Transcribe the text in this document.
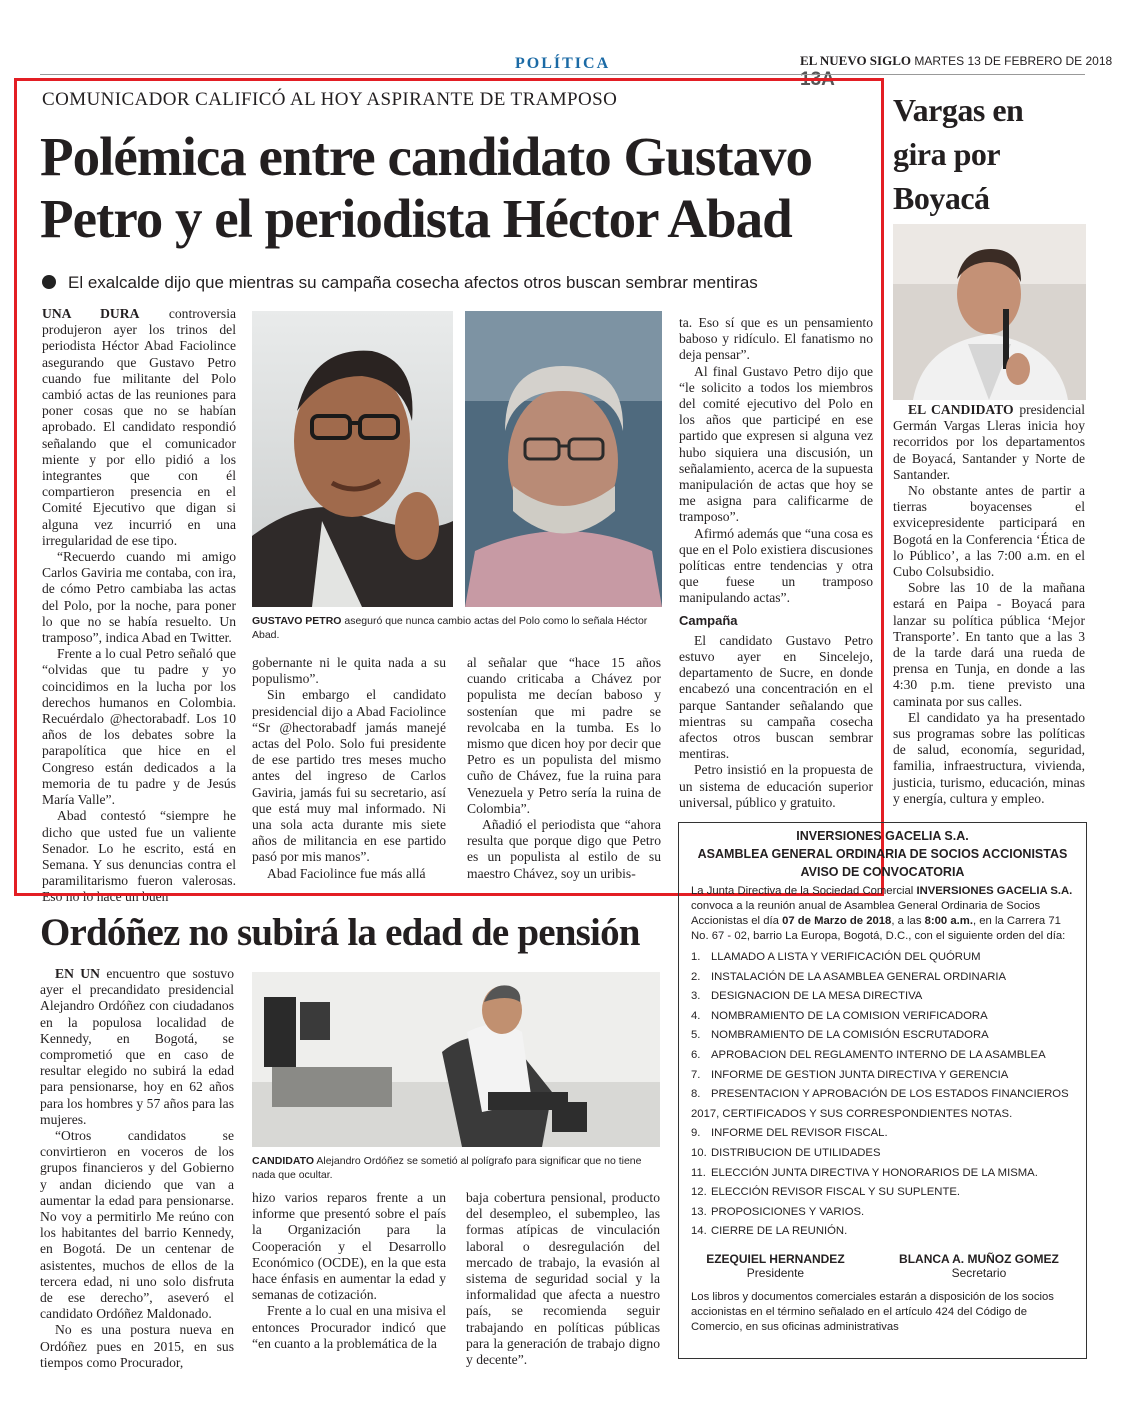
POLÍTICA	EL NUEVO SIGLO MARTES 13 DE FEBRERO DE 2018 13A
COMUNICADOR CALIFICÓ AL HOY ASPIRANTE DE TRAMPOSO
Polémica entre candidato Gustavo Petro y el periodista Héctor Abad
El exalcalde dijo que mientras su campaña cosecha afectos otros buscan sembrar mentiras

UNA DURA controversia produjeron ayer los trinos del periodista Héctor Abad Faciolince asegurando que Gustavo Petro cuando fue militante del Polo cambió actas de las reuniones para poner cosas que no se habían aprobado. El candidato respondió señalando que el comunicador miente y por ello pidió a los integrantes que con él compartieron presencia en el Comité Ejecutivo que digan si alguna vez incurrió en una irregularidad de ese tipo.

“Recuerdo cuando mi amigo Carlos Gaviria me contaba, con ira, de cómo Petro cambiaba las actas del Polo, por la noche, para poner lo que no se había resuelto. Un tramposo”, indica Abad en Twitter.

Frente a lo cual Petro señaló que “olvidas que tu padre y yo coincidimos en la lucha por los derechos humanos en Colombia. Recuérdalo @hectorabadf. Los 10 años de los debates sobre la parapolítica que hice en el Congreso están dedicados a la memoria de tu padre y de Jesús María Valle”.

Abad contestó “siempre he dicho que usted fue un valiente Senador. Lo he escrito, está en Semana. Y sus denuncias contra el paramilitarismo fueron valerosas. Eso no lo hace un buen

GUSTAVO PETRO aseguró que nunca cambio actas del Polo como lo señala Héctor Abad.

gobernante ni le quita nada a su populismo”.

Sin embargo el candidato presidencial dijo a Abad Faciolince “Sr @hectorabadf jamás manejé actas del Polo. Solo fui presidente de ese partido tres meses mucho antes del ingreso de Carlos Gaviria, jamás fui su secretario, así que está muy mal informado. Ni una sola acta durante mis siete años de militancia en ese partido pasó por mis manos”.

Abad Faciolince fue más allá

al señalar que “hace 15 años cuando criticaba a Chávez por populista me decían baboso y sostenían que mi padre se revolcaba en la tumba. Es lo mismo que dicen hoy por decir que Petro es un populista del mismo cuño de Chávez, fue la ruina para Venezuela y Petro sería la ruina de Colombia”.

Añadió el periodista que “ahora resulta que porque digo que Petro es un populista al estilo de su maestro Chávez, soy un uribis-

ta. Eso sí que es un pensamiento baboso y ridículo. El fanatismo no deja pensar”.

Al final Gustavo Petro dijo que “le solicito a todos los miembros del comité ejecutivo del Polo en los años que participé en ese partido que expresen si alguna vez hubo siquiera una discusión, un señalamiento, acerca de la supuesta manipulación de actas que hoy se me asigna para calificarme de tramposo”.

Afirmó además que “una cosa es que en el Polo existiera discusiones políticas entre tendencias y otra que fuese un tramposo manipulando actas”.

Campaña

El candidato Gustavo Petro estuvo ayer en Sincelejo, departamento de Sucre, en donde encabezó una concentración en el parque Santander señalando que mientras su campaña cosecha afectos otros buscan sembrar mentiras.

Petro insistió en la propuesta de un sistema de educación superior universal, público y gratuito.

Vargas en gira por Boyacá

EL CANDIDATO presidencial Germán Vargas Lleras inicia hoy recorridos por los departamentos de Boyacá, Santander y Norte de Santander.

No obstante antes de partir a tierras boyacenses el exvicepresidente participará en Bogotá en la Conferencia ‘Ética de lo Público’, a las 7:00 a.m. en el Cubo Colsubsidio.

Sobre las 10 de la mañana estará en Paipa - Boyacá para lanzar su política pública ‘Mejor Transporte’. En tanto que a las 3 de la tarde dará una rueda de prensa en Tunja, en donde a las 4:30 p.m. tiene previsto una caminata por sus calles.

El candidato ya ha presentado sus programas sobre las políticas de salud, economía, seguridad, familia, infraestructura, vivienda, justicia, turismo, educación, minas y energía, cultura y empleo.

Ordóñez no subirá la edad de pensión

EN UN encuentro que sostuvo ayer el precandidato presidencial Alejandro Ordóñez con ciudadanos en la populosa localidad de Kennedy, en Bogotá, se comprometió que en caso de resultar elegido no subirá la edad para pensionarse, hoy en 62 años para los hombres y 57 años para las mujeres.

“Otros candidatos se convirtieron en voceros de los grupos financieros y del Gobierno y andan diciendo que van a aumentar la edad para pensionarse. No voy a permitirlo Me reúno con los habitantes del barrio Kennedy, en Bogotá. De un centenar de asistentes, muchos de ellos de la tercera edad, ni uno solo disfruta de ese derecho”, aseveró el candidato Ordóñez Maldonado.

No es una postura nueva en Ordóñez pues en 2015, en sus tiempos como Procurador,

CANDIDATO Alejandro Ordóñez se sometió al polígrafo para significar que no tiene nada que ocultar.

hizo varios reparos frente a un informe que presentó sobre el país la Organización para la Cooperación y el Desarrollo Económico (OCDE), en la que esta hace énfasis en aumentar la edad y semanas de cotización.

Frente a lo cual en una misiva el entonces Procurador indicó que “en cuanto a la problemática de la

baja cobertura pensional, producto del desempleo, el subempleo, las formas atípicas de vinculación laboral o desregulación del mercado de trabajo, la evasión al sistema de seguridad social y la informalidad que afecta a nuestro país, se recomienda seguir trabajando en políticas públicas para la generación de trabajo digno y decente”.

INVERSIONES GACELIA S.A.
ASAMBLEA GENERAL ORDINARIA DE SOCIOS ACCIONISTAS
AVISO DE CONVOCATORIA
La Junta Directiva de la Sociedad Comercial INVERSIONES GACELIA S.A. convoca a la reunión anual de Asamblea General Ordinaria de Socios Accionistas el día 07 de Marzo de 2018, a las 8:00 a.m., en la Carrera 71 No. 67 - 02, barrio La Europa, Bogotá, D.C., con el siguiente orden del día:
1. LLAMADO A LISTA Y VERIFICACIÓN DEL QUÓRUM
2. INSTALACIÓN DE LA ASAMBLEA GENERAL ORDINARIA
3. DESIGNACION DE LA MESA DIRECTIVA
4. NOMBRAMIENTO DE LA COMISION VERIFICADORA
5. NOMBRAMIENTO DE LA COMISIÓN ESCRUTADORA
6. APROBACION DEL REGLAMENTO INTERNO DE LA ASAMBLEA
7. INFORME DE GESTION JUNTA DIRECTIVA Y GERENCIA
8. PRESENTACION Y APROBACIÓN DE LOS ESTADOS FINANCIEROS 2017, CERTIFICADOS Y SUS CORRESPONDIENTES NOTAS.
9. INFORME DEL REVISOR FISCAL.
10. DISTRIBUCION DE UTILIDADES
11. ELECCIÓN JUNTA DIRECTIVA Y HONORARIOS DE LA MISMA.
12. ELECCIÓN REVISOR FISCAL Y SU SUPLENTE.
13. PROPOSICIONES Y VARIOS.
14. CIERRE DE LA REUNIÓN.
EZEQUIEL HERNANDEZ
Presidente
BLANCA A. MUÑOZ GOMEZ
Secretario
Los libros y documentos comerciales estarán a disposición de los socios accionistas en el término señalado en el artículo 424 del Código de Comercio, en sus oficinas administrativas
